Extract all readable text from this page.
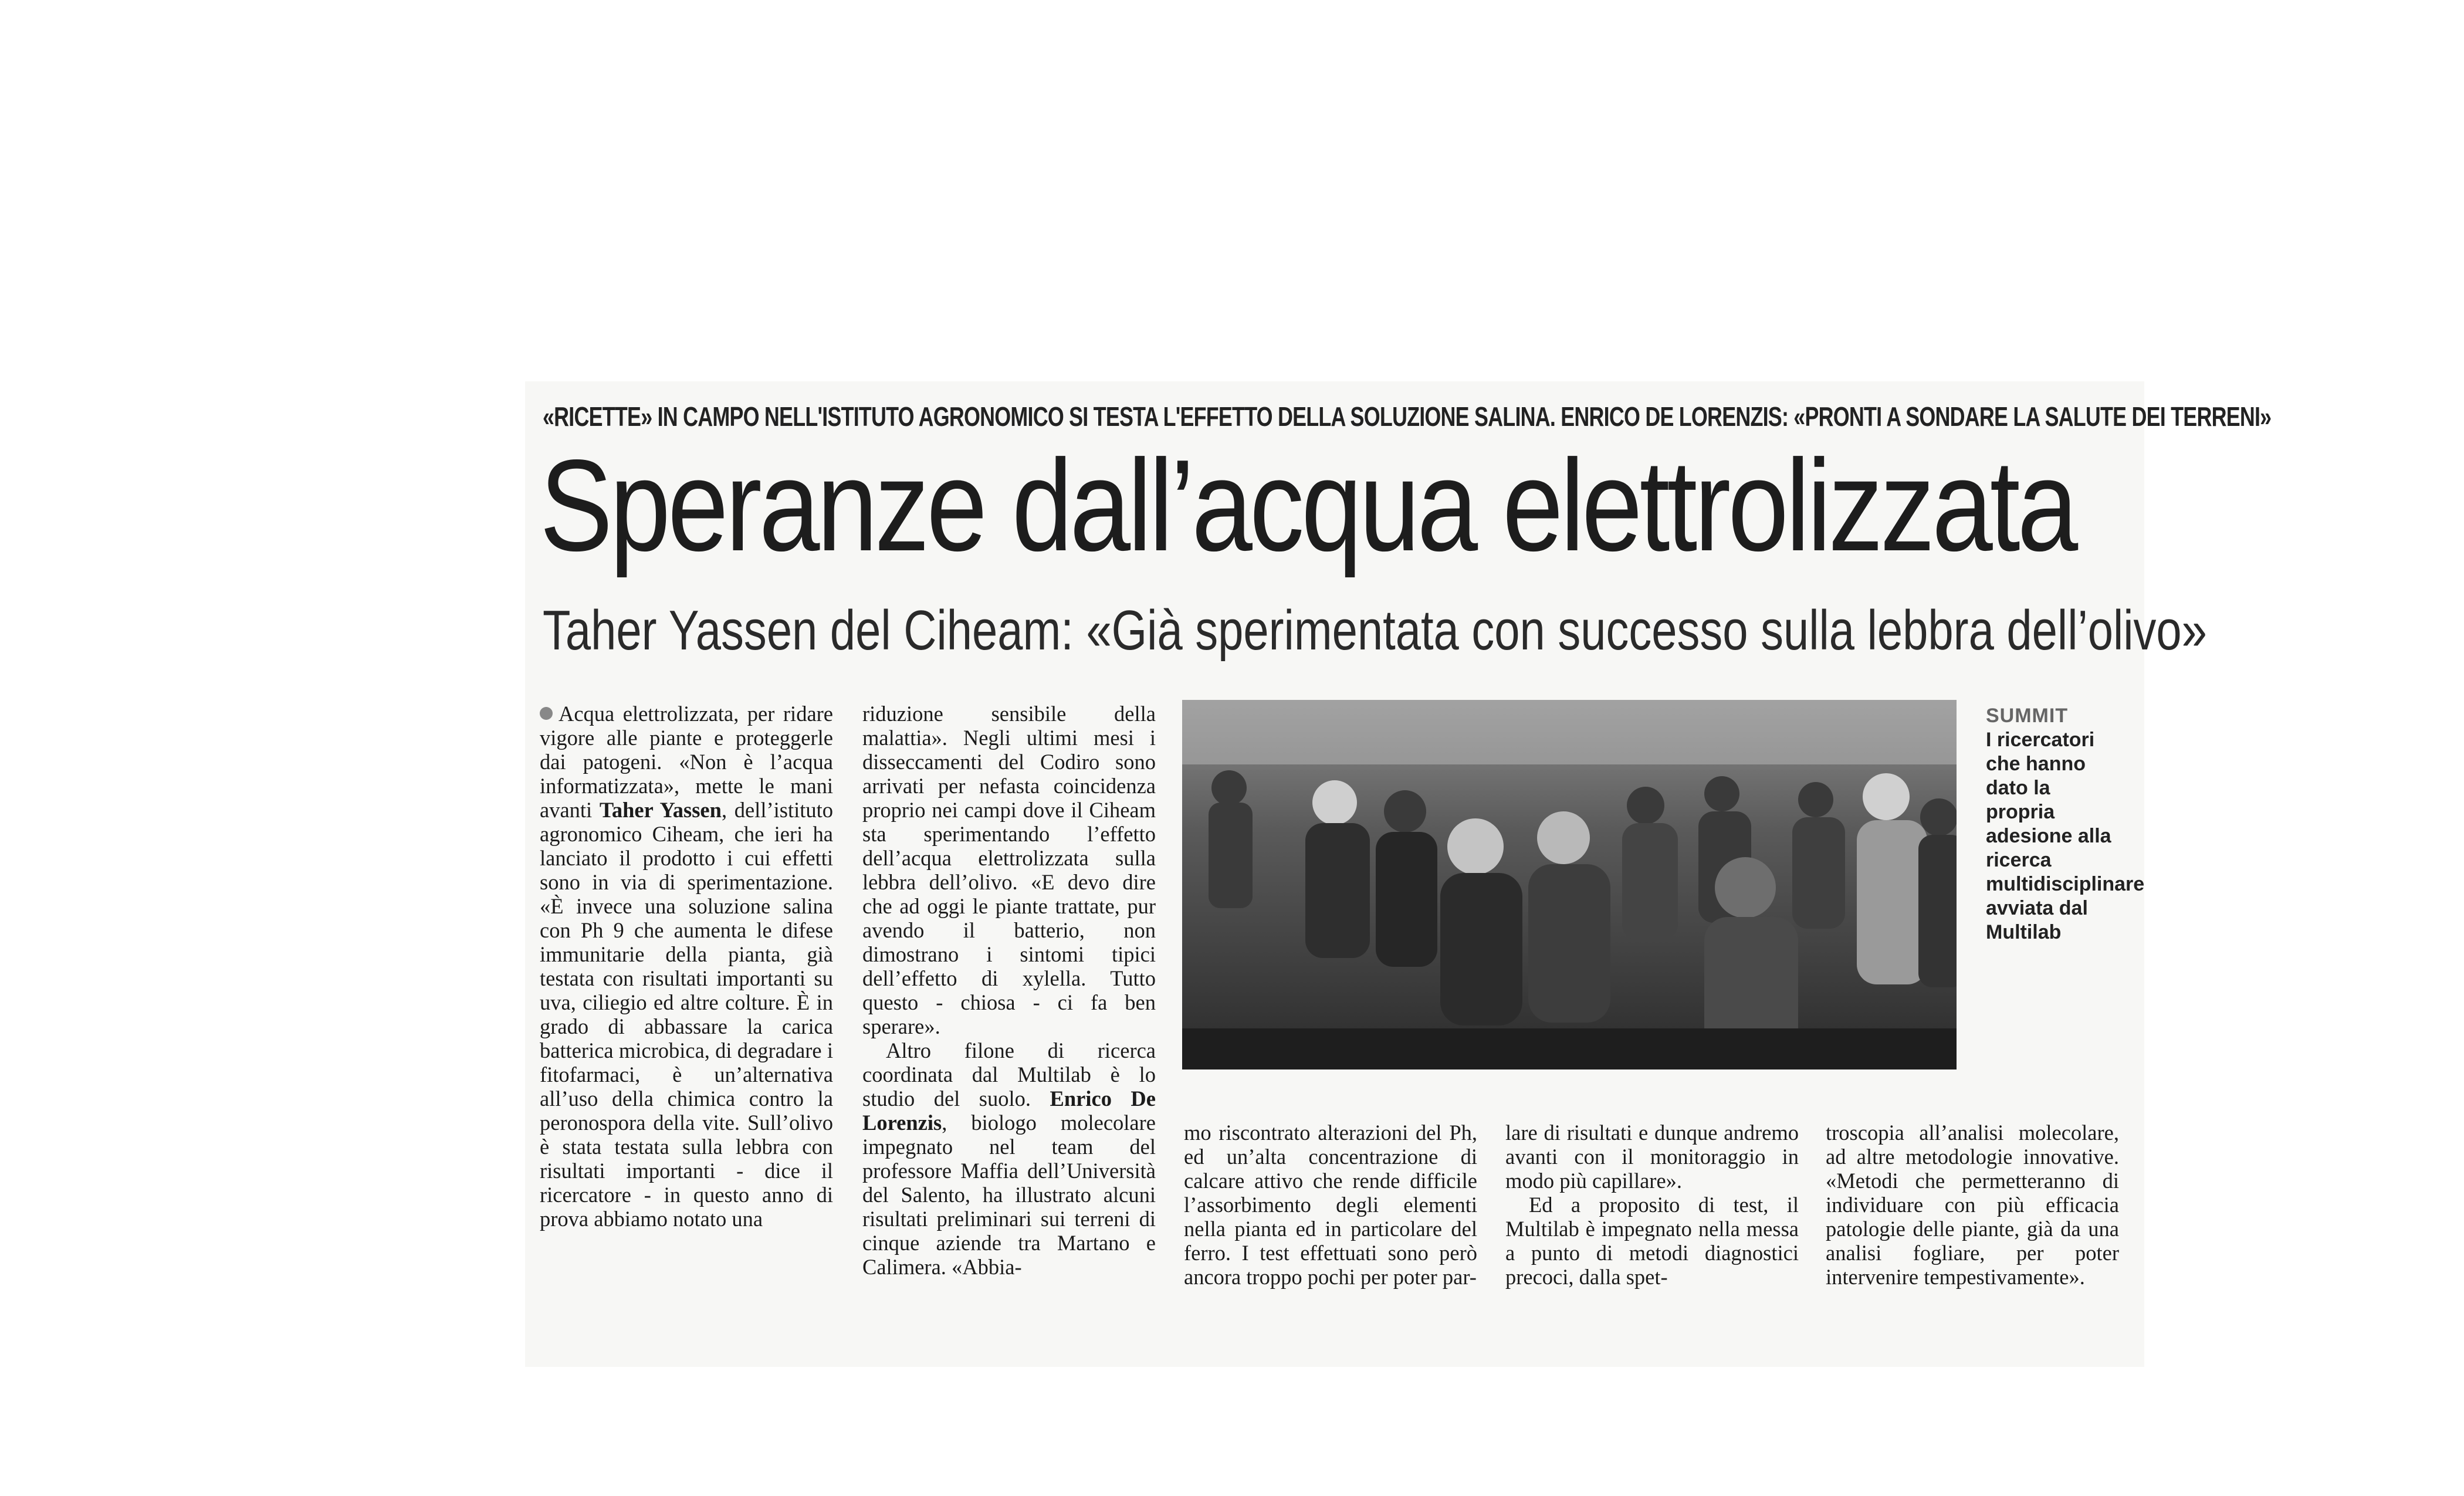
«RICETTE» IN CAMPO NELL'ISTITUTO AGRONOMICO SI TESTA L'EFFETTO DELLA SOLUZIONE SALINA. ENRICO DE LORENZIS: «PRONTI A SONDARE LA SALUTE DEI TERRENI»
Speranze dall’acqua elettrolizzata
Taher Yassen del Ciheam: «Già sperimentata con successo sulla lebbra dell’olivo»

Acqua elettrolizzata, per ridare vigore alle piante e proteggerle dai patogeni. «Non è l’acqua informatizzata», mette le mani avanti Taher Yassen, dell’istituto agronomico Ciheam, che ieri ha lanciato il prodotto i cui effetti sono in via di sperimentazione. «È invece una soluzione salina con Ph 9 che aumenta le difese immunitarie della pianta, già testata con risultati importanti su uva, ciliegio ed altre colture. È in grado di abbassare la carica batterica microbica, di degradare i fitofarmaci, è un’alternativa all’uso della chimica contro la peronospora della vite. Sull’olivo è stata testata sulla lebbra con risultati importanti - dice il ricercatore - in questo anno di prova abbiamo notato una

riduzione sensibile della malattia». Negli ultimi mesi i disseccamenti del Codiro sono arrivati per nefasta coincidenza proprio nei campi dove il Ciheam sta sperimentando l’effetto dell’acqua elettrolizzata sulla lebbra dell’olivo. «E devo dire che ad oggi le piante trattate, pur avendo il batterio, non dimostrano i sintomi tipici dell’effetto di xylella. Tutto questo - chiosa - ci fa ben sperare».

Altro filone di ricerca coordinata dal Multilab è lo studio del suolo. Enrico De Lorenzis, biologo molecolare impegnato nel team del professore Maffia dell’Università del Salento, ha illustrato alcuni risultati preliminari sui terreni di cinque aziende tra Martano e Calimera. «Abbia-

SUMMIT
I ricercatori che hanno dato la propria adesione alla ricerca multidisciplinare avviata dal Multilab

mo riscontrato alterazioni del Ph, ed un’alta concentrazione di calcare attivo che rende difficile l’assorbimento degli elementi nella pianta ed in particolare del ferro. I test effettuati sono però ancora troppo pochi per poter par-

lare di risultati e dunque andremo avanti con il monitoraggio in modo più capillare».

Ed a proposito di test, il Multilab è impegnato nella messa a punto di metodi diagnostici precoci, dalla spet-

troscopia all’analisi molecolare, ad altre metodologie innovative. «Metodi che permetteranno di individuare con più efficacia patologie delle piante, già da una analisi fogliare, per poter intervenire tempestivamente».
